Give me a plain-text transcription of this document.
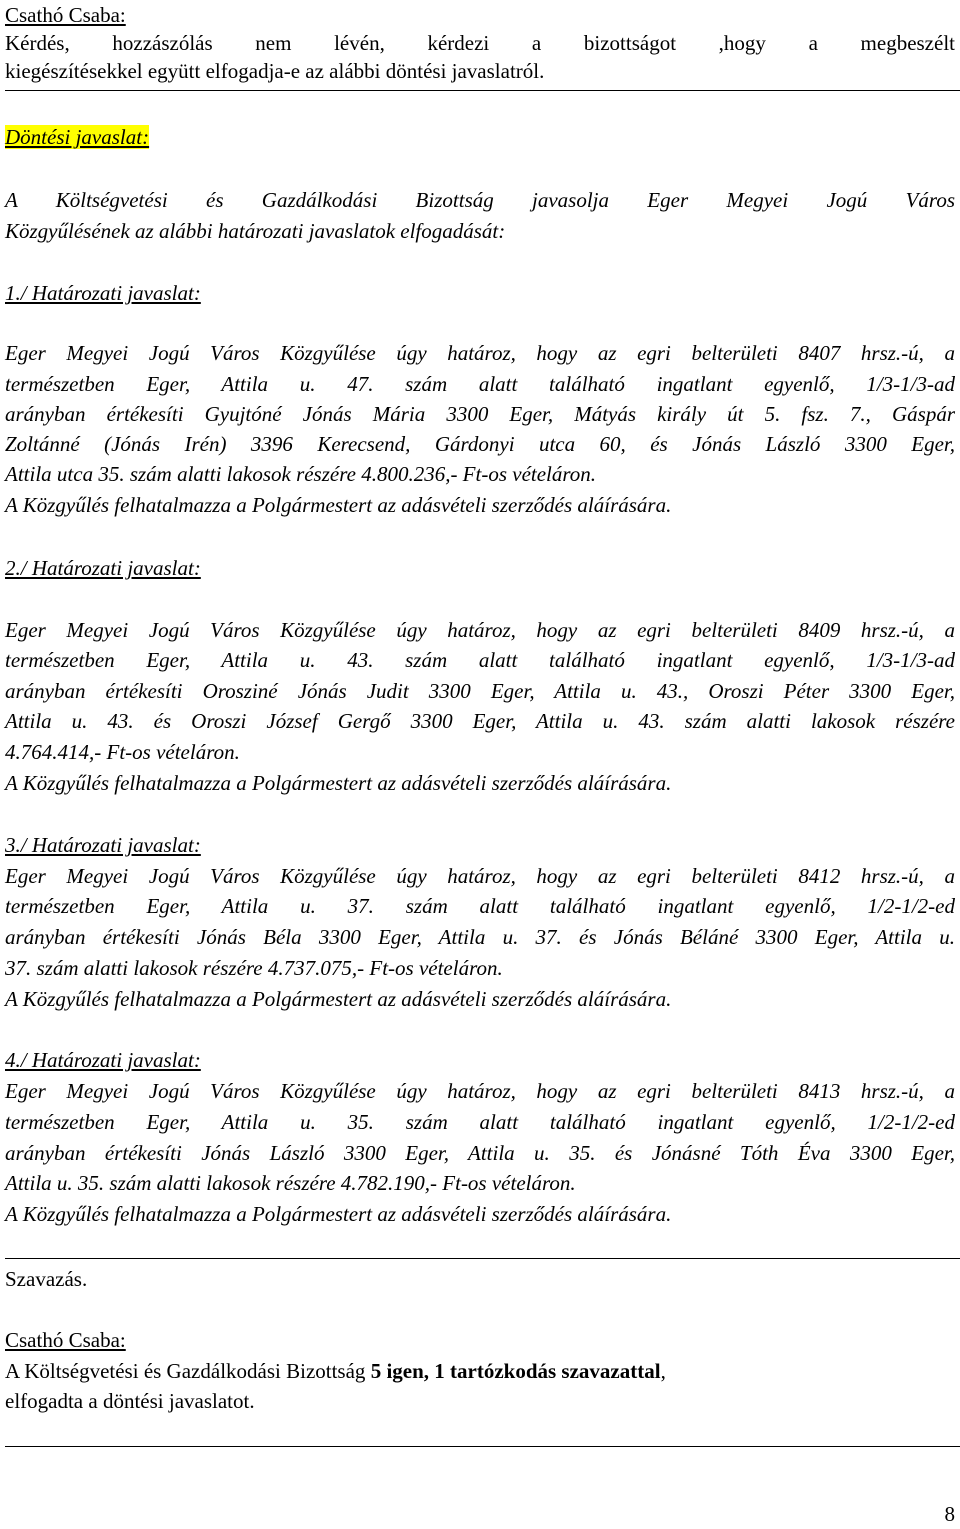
Csathó Csaba:

Kérdés, hozzászólás nem lévén, kérdezi a bizottságot ,hogy a megbeszélt

kiegészítésekkel együtt elfogadja-e az alábbi döntési javaslatról.

Döntési javaslat:

A Költségvetési és Gazdálkodási Bizottság javasolja Eger Megyei Jogú Város

Közgyűlésének az alábbi határozati javaslatok elfogadását:

1./ Határozati javaslat:

Eger Megyei Jogú Város Közgyűlése úgy határoz, hogy az egri belterületi 8407 hrsz.-ú, a

természetben Eger, Attila u. 47. szám alatt található ingatlant egyenlő, 1/3-1/3-ad

arányban értékesíti Gyujtóné Jónás Mária 3300 Eger, Mátyás király út 5. fsz. 7., Gáspár

Zoltánné (Jónás Irén) 3396 Kerecsend, Gárdonyi utca 60, és Jónás László 3300 Eger,

Attila utca 35. szám alatti lakosok részére 4.800.236,- Ft-os vételáron.

A Közgyűlés felhatalmazza a Polgármestert az adásvételi szerződés aláírására.

2./ Határozati javaslat:

Eger Megyei Jogú Város Közgyűlése úgy határoz, hogy az egri belterületi 8409 hrsz.-ú, a

természetben Eger, Attila u. 43. szám alatt található ingatlant egyenlő, 1/3-1/3-ad

arányban értékesíti Orosziné Jónás Judit 3300 Eger, Attila u. 43., Oroszi Péter 3300 Eger,

Attila u. 43. és Oroszi József Gergő 3300 Eger, Attila u. 43. szám alatti lakosok részére

4.764.414,- Ft-os vételáron.

A Közgyűlés felhatalmazza a Polgármestert az adásvételi szerződés aláírására.

3./ Határozati javaslat:

Eger Megyei Jogú Város Közgyűlése úgy határoz, hogy az egri belterületi 8412 hrsz.-ú, a

természetben Eger, Attila u. 37. szám alatt található ingatlant egyenlő, 1/2-1/2-ed

arányban értékesíti Jónás Béla 3300 Eger, Attila u. 37. és Jónás Béláné 3300 Eger, Attila u.

37. szám alatti lakosok részére 4.737.075,- Ft-os vételáron.

A Közgyűlés felhatalmazza a Polgármestert az adásvételi szerződés aláírására.

4./ Határozati javaslat:

Eger Megyei Jogú Város Közgyűlése úgy határoz, hogy az egri belterületi 8413 hrsz.-ú, a

természetben Eger, Attila u. 35. szám alatt található ingatlant egyenlő, 1/2-1/2-ed

arányban értékesíti Jónás László 3300 Eger, Attila u. 35. és Jónásné Tóth Éva 3300 Eger,

Attila u. 35. szám alatti lakosok részére 4.782.190,- Ft-os vételáron.

A Közgyűlés felhatalmazza a Polgármestert az adásvételi szerződés aláírására.

Szavazás.

Csathó Csaba:

A Költségvetési és Gazdálkodási Bizottság 5 igen, 1 tartózkodás szavazattal,

elfogadta a döntési javaslatot.

8
